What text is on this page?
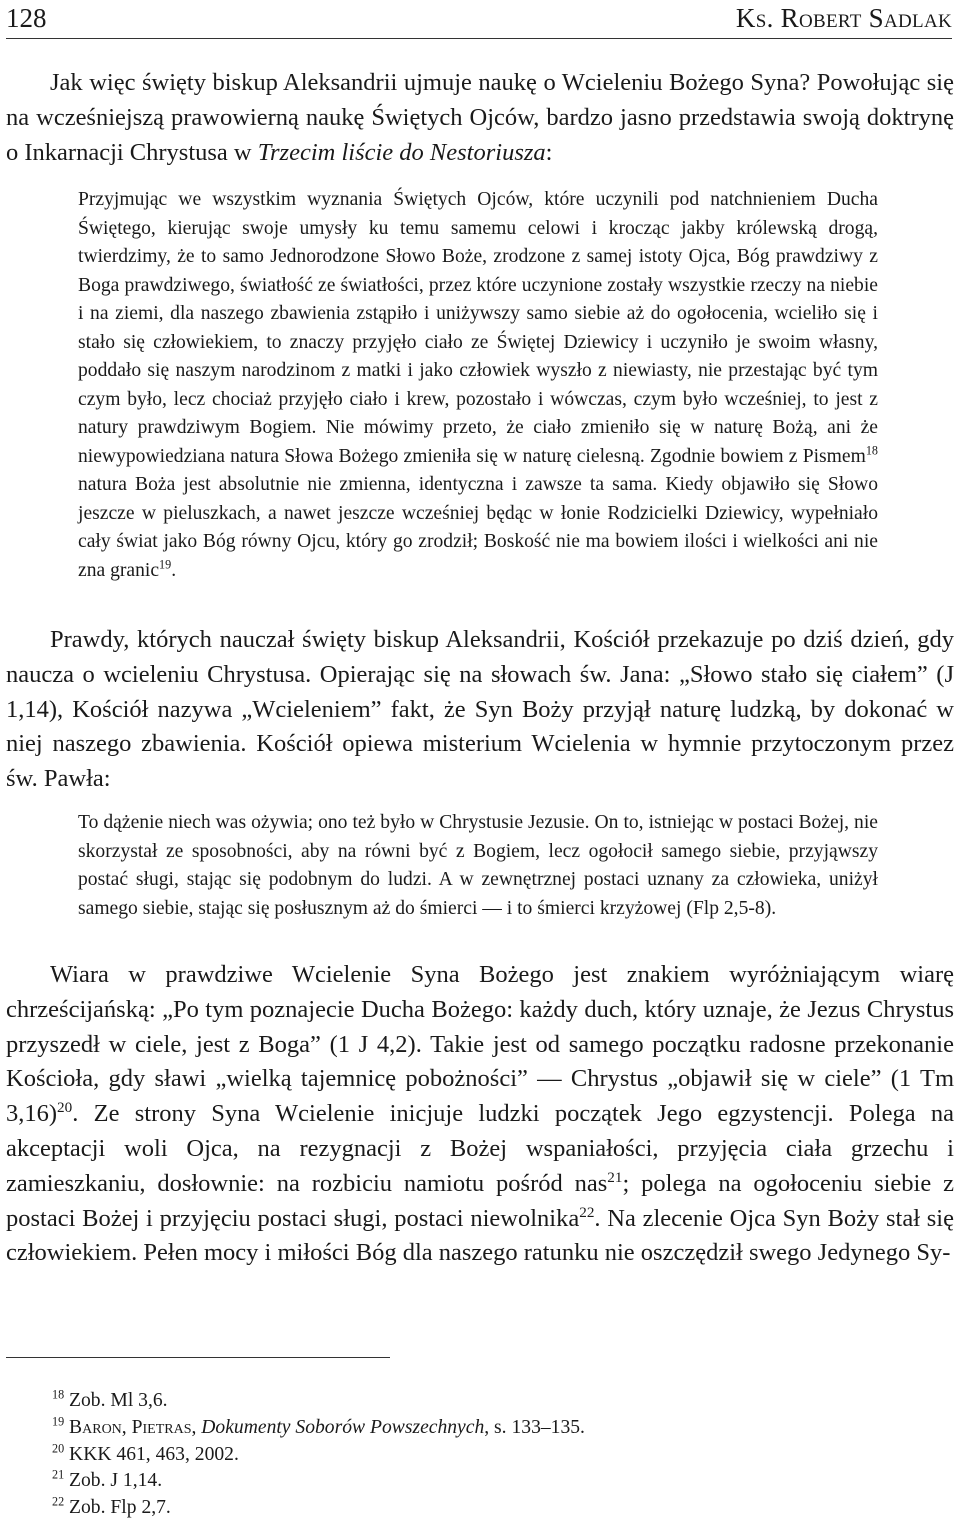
128	Ks. Robert Sadlak

Jak więc święty biskup Aleksandrii ujmuje naukę o Wcieleniu Bożego Syna? Powołując się na wcześniejszą prawowierną naukę Świętych Ojców, bardzo jasno przedstawia swoją doktrynę o Inkarnacji Chrystusa w Trzecim liście do Nestoriusza:

Przyjmując we wszystkim wyznania Świętych Ojców, które uczynili pod natchnieniem Ducha Świętego, kierując swoje umysły ku temu samemu celowi i krocząc jakby królewską drogą, twierdzimy, że to samo Jednorodzone Słowo Boże, zrodzone z samej istoty Ojca, Bóg prawdziwy z Boga prawdziwego, światłość ze światłości, przez które uczynione zostały wszystkie rzeczy na niebie i na ziemi, dla naszego zbawienia zstąpiło i uniżywszy samo siebie aż do ogołocenia, wcieliło się i stało się człowiekiem, to znaczy przyjęło ciało ze Świętej Dziewicy i uczyniło je swoim własny, poddało się naszym narodzinom z matki i jako człowiek wyszło z niewiasty, nie przestając być tym czym było, lecz chociaż przyjęło ciało i krew, pozostało i wówczas, czym było wcześniej, to jest z natury prawdziwym Bogiem. Nie mówimy przeto, że ciało zmieniło się w naturę Bożą, ani że niewypowiedziana natura Słowa Bożego zmieniła się w naturę cielesną. Zgodnie bowiem z Pismem$^{18}$ natura Boża jest absolutnie nie zmienna, identyczna i zawsze ta sama. Kiedy objawiło się Słowo jeszcze w pieluszkach, a nawet jeszcze wcześniej będąc w łonie Rodzicielki Dziewicy, wypełniało cały świat jako Bóg równy Ojcu, który go zrodził; Boskość nie ma bowiem ilości i wielkości ani nie zna granic$^{19}$.

Prawdy, których nauczał święty biskup Aleksandrii, Kościół przekazuje po dziś dzień, gdy naucza o wcieleniu Chrystusa. Opierając się na słowach św. Jana: „Słowo stało się ciałem” (J 1,14), Kościół nazywa „Wcieleniem” fakt, że Syn Boży przyjął naturę ludzką, by dokonać w niej naszego zbawienia. Kościół opiewa misterium Wcielenia w hymnie przytoczonym przez św. Pawła:

To dążenie niech was ożywia; ono też było w Chrystusie Jezusie. On to, istniejąc w postaci Bożej, nie skorzystał ze sposobności, aby na równi być z Bogiem, lecz ogołocił samego siebie, przyjąwszy postać sługi, stając się podobnym do ludzi. A w zewnętrznej postaci uznany za człowieka, uniżył samego siebie, stając się posłusznym aż do śmierci — i to śmierci krzyżowej (Flp 2,5-8).

Wiara w prawdziwe Wcielenie Syna Bożego jest znakiem wyróżniającym wiarę chrześcijańską: „Po tym poznajecie Ducha Bożego: każdy duch, który uznaje, że Jezus Chrystus przyszedł w ciele, jest z Boga” (1 J 4,2). Takie jest od samego początku radosne przekonanie Kościoła, gdy sławi „wielką tajemnicę pobożności” — Chrystus „objawił się w ciele” (1 Tm 3,16)$^{20}$. Ze strony Syna Wcielenie inicjuje ludzki początek Jego egzystencji. Polega na akceptacji woli Ojca, na rezygnacji z Bożej wspaniałości, przyjęcia ciała grzechu i zamieszkaniu, dosłownie: na rozbiciu namiotu pośród nas$^{21}$; polega na ogołoceniu siebie z postaci Bożej i przyjęciu postaci sługi, postaci niewolnika$^{22}$. Na zlecenie Ojca Syn Boży stał się człowiekiem. Pełen mocy i miłości Bóg dla naszego ratunku nie oszczędził swego Jedynego Sy-

$^{18}$ Zob. Ml 3,6.
$^{19}$ Baron, Pietras, Dokumenty Soborów Powszechnych, s. 133–135.
$^{20}$ KKK 461, 463, 2002.
$^{21}$ Zob. J 1,14.
$^{22}$ Zob. Flp 2,7.
